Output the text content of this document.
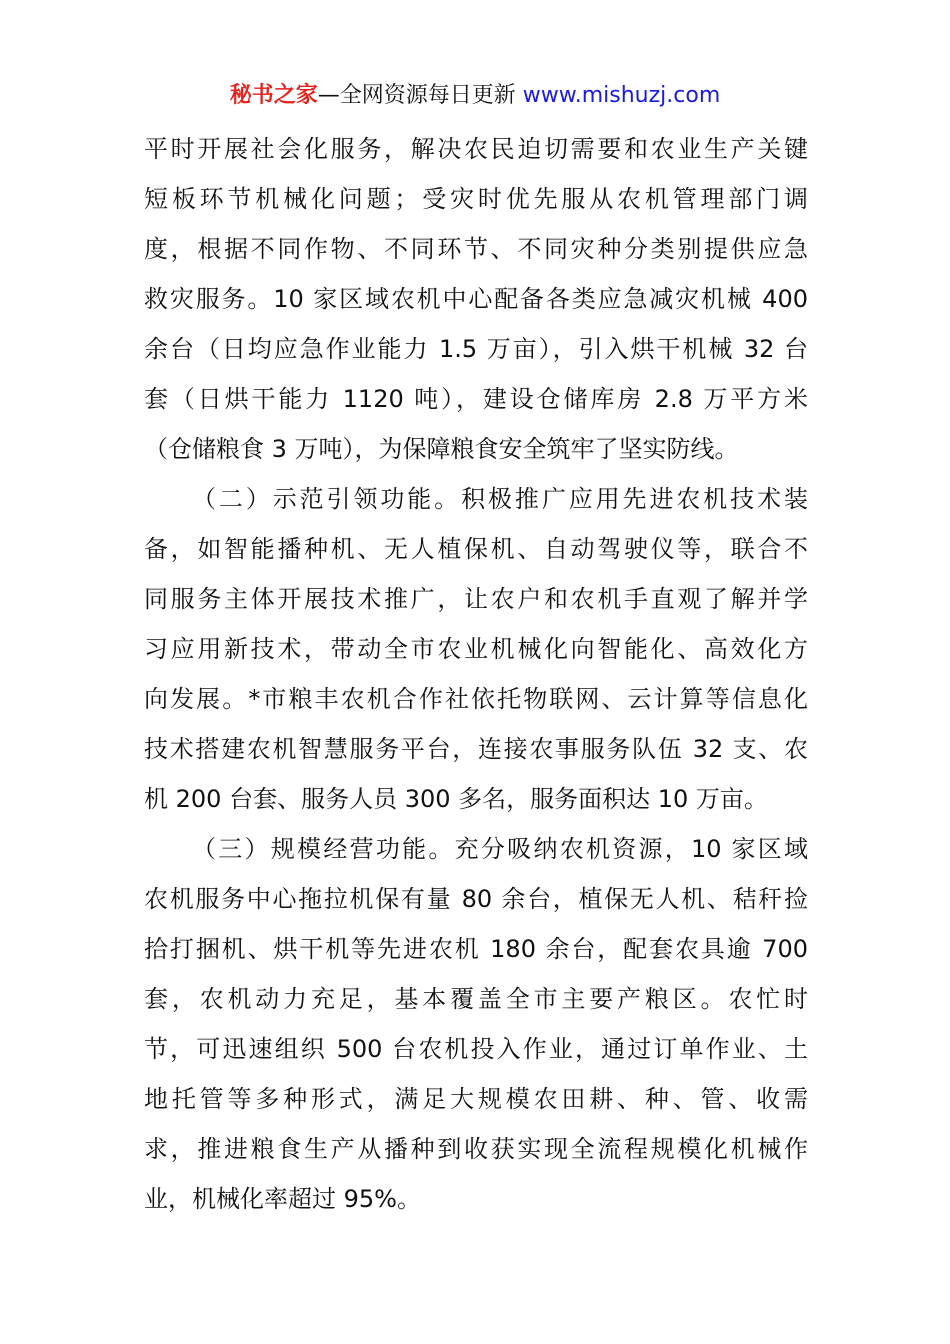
秘书之家—全网资源每日更新 www.mishuzj.com
平时开展社会化服务，解决农民迫切需要和农业生产关键
短板环节机械化问题；受灾时优先服从农机管理部门调
度，根据不同作物、不同环节、不同灾种分类别提供应急
救灾服务。10 家区域农机中心配备各类应急减灾机械 400
余台（日均应急作业能力 1.5 万亩），引入烘干机械 32 台
套（日烘干能力 1120 吨），建设仓储库房 2.8 万平方米
（仓储粮食 3 万吨），为保障粮食安全筑牢了坚实防线。
（二）示范引领功能。积极推广应用先进农机技术装
备，如智能播种机、无人植保机、自动驾驶仪等，联合不
同服务主体开展技术推广，让农户和农机手直观了解并学
习应用新技术，带动全市农业机械化向智能化、高效化方
向发展。*市粮丰农机合作社依托物联网、云计算等信息化
技术搭建农机智慧服务平台，连接农事服务队伍 32 支、农
机 200 台套、服务人员 300 多名，服务面积达 10 万亩。
（三）规模经营功能。充分吸纳农机资源，10 家区域
农机服务中心拖拉机保有量 80 余台，植保无人机、秸秆捡
拾打捆机、烘干机等先进农机 180 余台，配套农具逾 700
套，农机动力充足，基本覆盖全市主要产粮区。农忙时
节，可迅速组织 500 台农机投入作业，通过订单作业、土
地托管等多种形式，满足大规模农田耕、种、管、收需
求，推进粮食生产从播种到收获实现全流程规模化机械作
业，机械化率超过 95%。
